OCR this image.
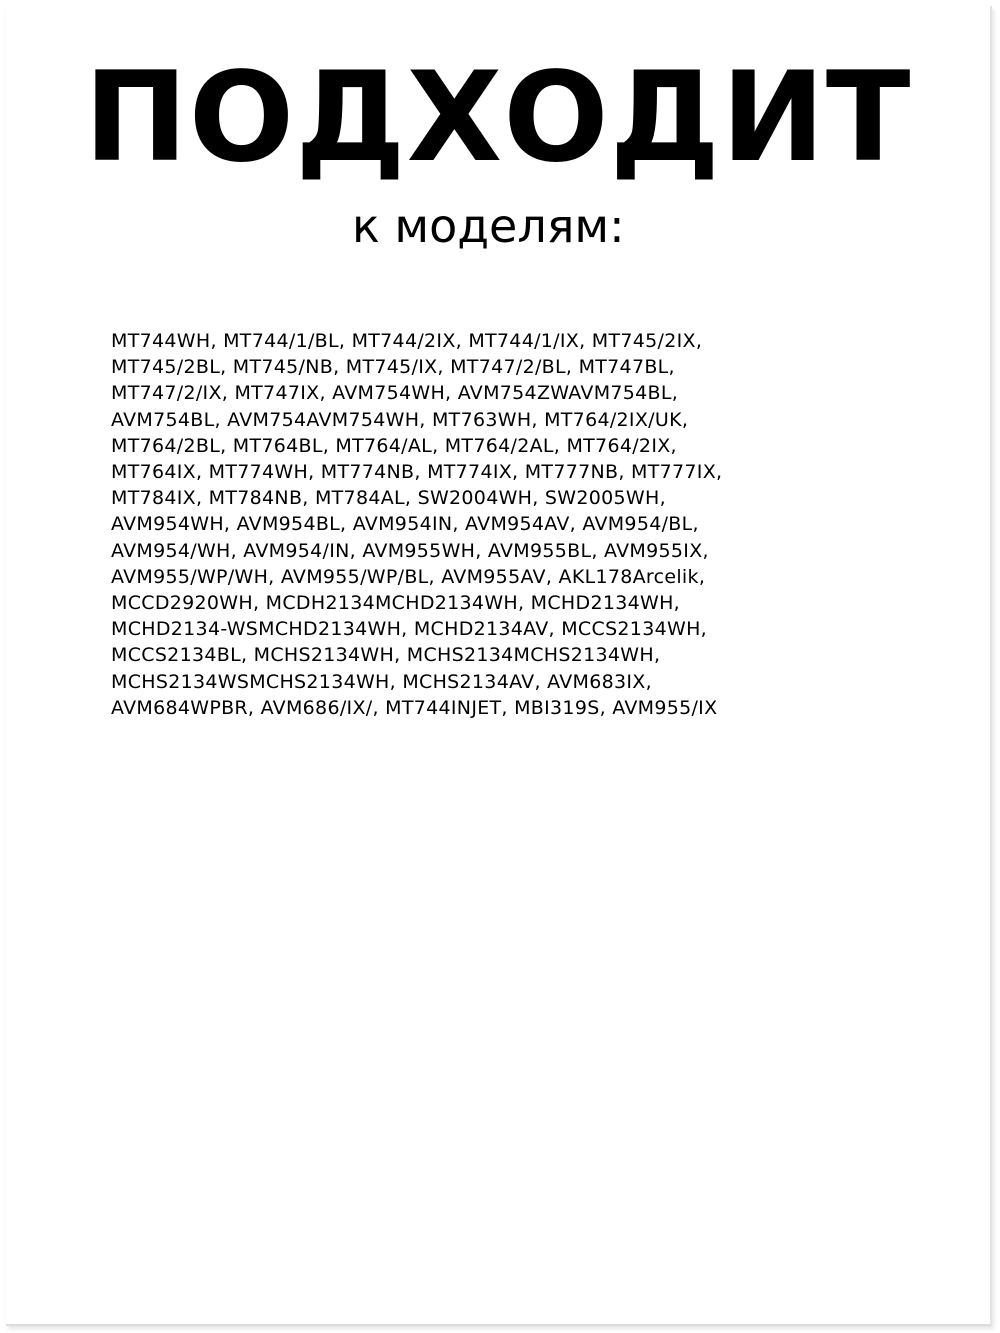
ПОДХОДИТ
к моделям:
MT744WH, MT744/1/BL, MT744/2IX, MT744/1/IX, MT745/2IX,
MT745/2BL, MT745/NB, MT745/IX, MT747/2/BL, MT747BL,
MT747/2/IX, MT747IX, AVM754WH, AVM754ZWAVM754BL,
AVM754BL, AVM754AVM754WH, MT763WH, MT764/2IX/UK,
MT764/2BL, MT764BL, MT764/AL, MT764/2AL, MT764/2IX,
MT764IX, MT774WH, MT774NB, MT774IX, MT777NB, MT777IX,
MT784IX, MT784NB, MT784AL, SW2004WH, SW2005WH,
AVM954WH, AVM954BL, AVM954IN, AVM954AV, AVM954/BL,
AVM954/WH, AVM954/IN, AVM955WH, AVM955BL, AVM955IX,
AVM955/WP/WH, AVM955/WP/BL, AVM955AV, AKL178Arcelik,
MCCD2920WH, MCDH2134MCHD2134WH, MCHD2134WH,
MCHD2134-WSMCHD2134WH, MCHD2134AV, MCCS2134WH,
MCCS2134BL, MCHS2134WH, MCHS2134MCHS2134WH,
MCHS2134WSMCHS2134WH, MCHS2134AV, AVM683IX,
AVM684WPBR, AVM686/IX/, MT744INJET, MBI319S, AVM955/IX
